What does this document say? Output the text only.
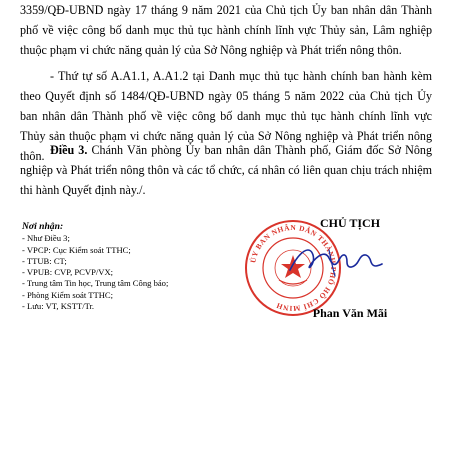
3359/QĐ-UBND ngày 17 tháng 9 năm 2021 của Chủ tịch Ủy ban nhân dân Thành phố về việc công bố danh mục thủ tục hành chính lĩnh vực Thủy sản, Lâm nghiệp thuộc phạm vi chức năng quản lý của Sở Nông nghiệp và Phát triển nông thôn.

- Thứ tự số A.A1.1, A.A1.2 tại Danh mục thủ tục hành chính ban hành kèm theo Quyết định số 1484/QĐ-UBND ngày 05 tháng 5 năm 2022 của Chủ tịch Ủy ban nhân dân Thành phố về việc công bố danh mục thủ tục hành chính lĩnh vực Thủy sản thuộc phạm vi chức năng quản lý của Sở Nông nghiệp và Phát triển nông thôn. Điều 3. Chánh Văn phòng Ủy ban nhân dân Thành phố, Giám đốc Sở Nông nghiệp và Phát triển nông thôn và các tổ chức, cá nhân có liên quan chịu trách nhiệm thi hành Quyết định này./.

Nơi nhận:
- Như Điều 3;
- VPCP: Cục Kiểm soát TTHC;
- TTUB: CT;
- VPUB: CVP, PCVP/VX;
- Trung tâm Tin học, Trung tâm Công báo;
- Phòng Kiểm soát TTHC;
- Lưu: VT, KSTT/Tr.
ỦY BAN NHÂN DÂN THÀNH PHỐ HỒ CHÍ MINH
CHỦ TỊCH
Phan Văn Mãi
